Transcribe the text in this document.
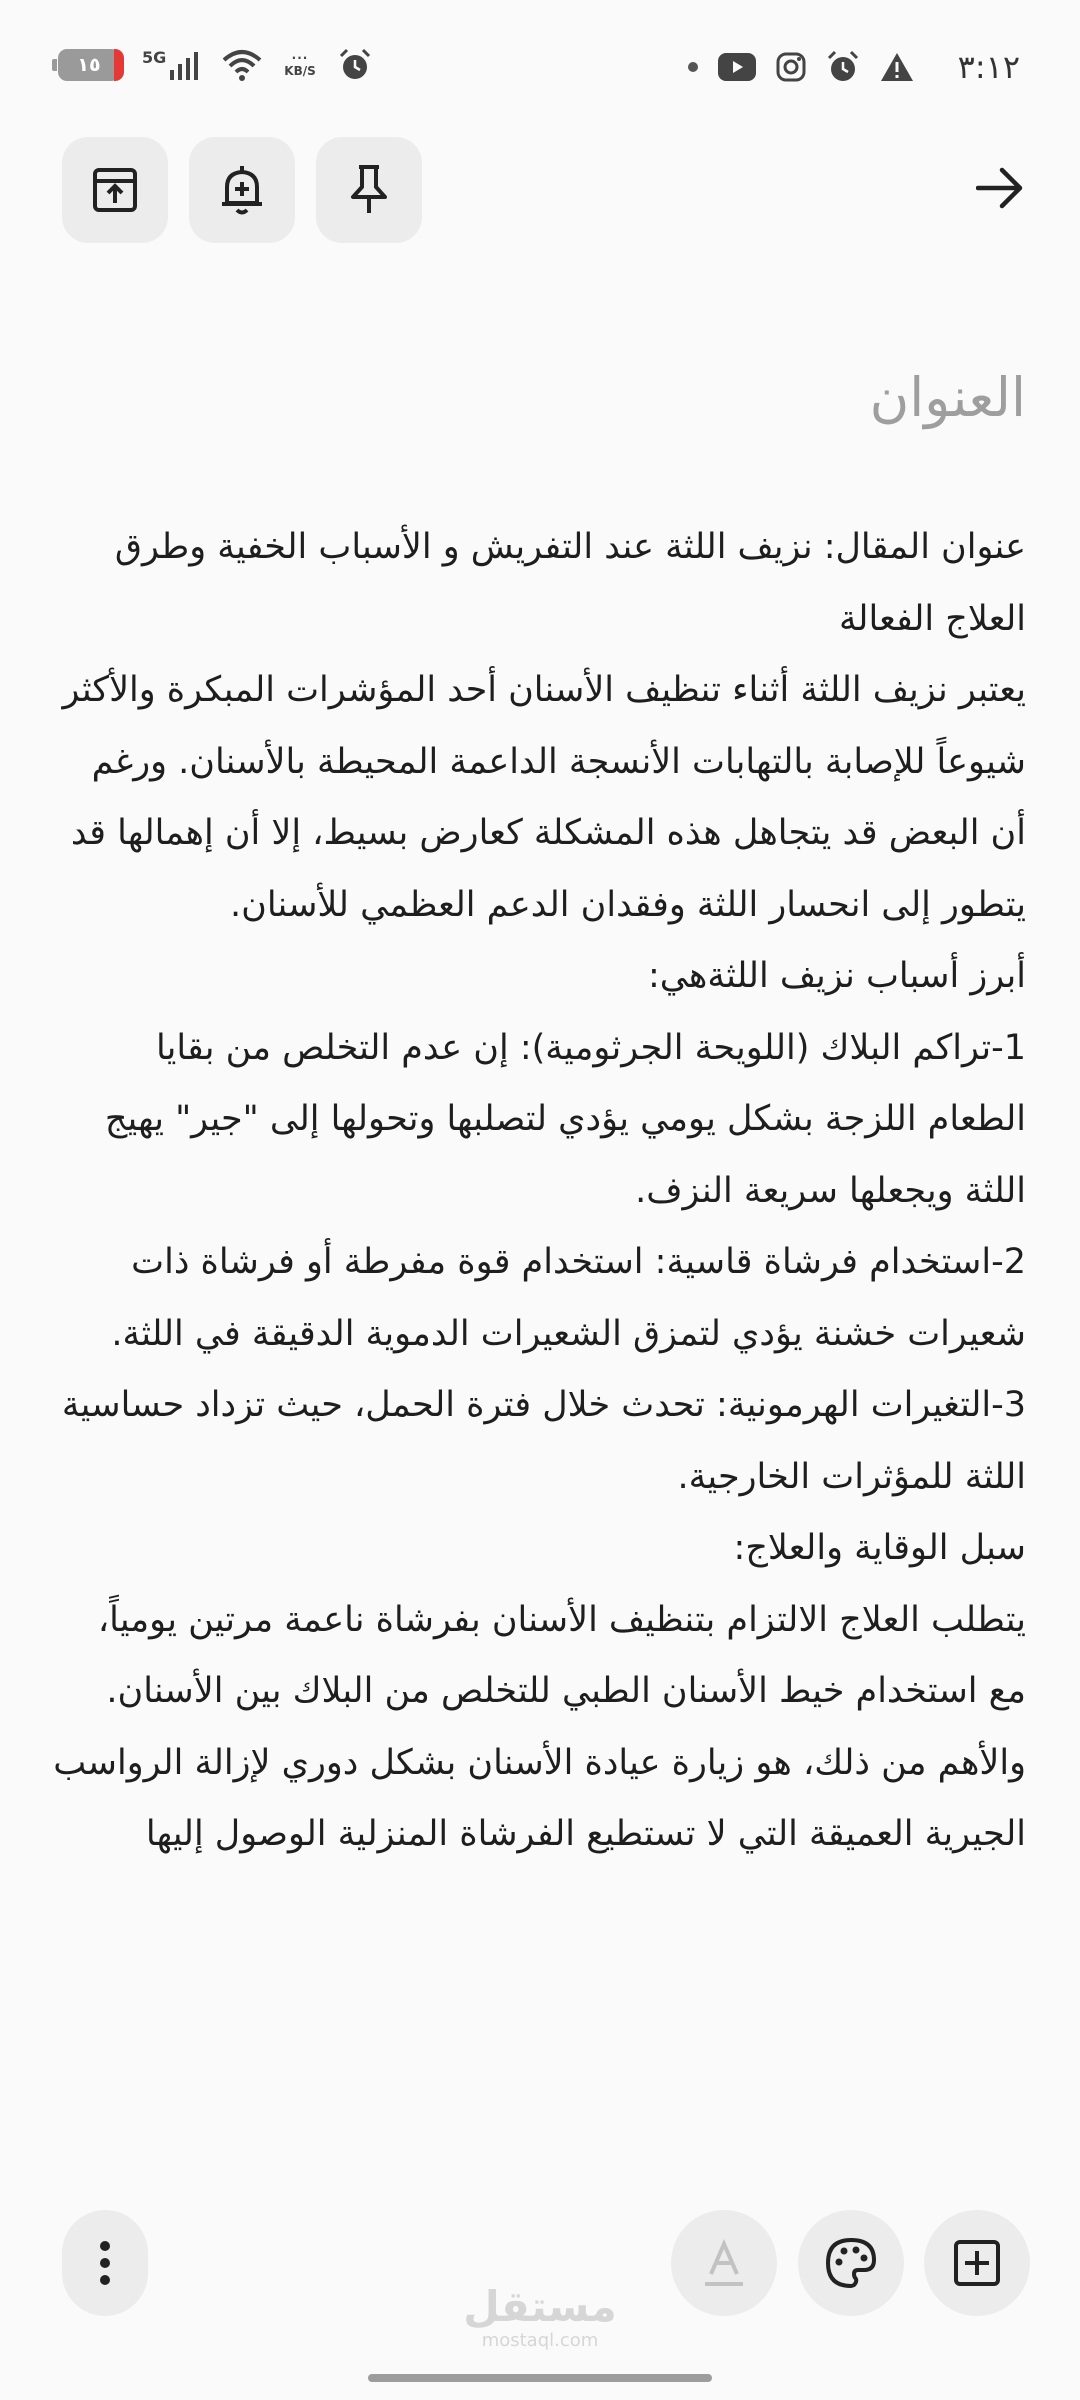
١٥	5G	···
KB/S	٣:١٢
العنوان

عنوان المقال: نزيف اللثة عند التفريش و الأسباب الخفية وطرق العلاج الفعالة

يعتبر نزيف اللثة أثناء تنظيف الأسنان أحد المؤشرات المبكرة والأكثر شيوعاً للإصابة بالتهابات الأنسجة الداعمة المحيطة بالأسنان. ورغم أن البعض قد يتجاهل هذه المشكلة كعارض بسيط، إلا أن إهمالها قد يتطور إلى انحسار اللثة وفقدان الدعم العظمي للأسنان.

أبرز أسباب نزيف اللثةهي:

1-تراكم البلاك (اللويحة الجرثومية): إن عدم التخلص من بقايا الطعام اللزجة بشكل يومي يؤدي لتصلبها وتحولها إلى "جير" يهيج اللثة ويجعلها سريعة النزف.

2-استخدام فرشاة قاسية: استخدام قوة مفرطة أو فرشاة ذات شعيرات خشنة يؤدي لتمزق الشعيرات الدموية الدقيقة في اللثة.

3-التغيرات الهرمونية: تحدث خلال فترة الحمل، حيث تزداد حساسية اللثة للمؤثرات الخارجية.

سبل الوقاية والعلاج:

يتطلب العلاج الالتزام بتنظيف الأسنان بفرشاة ناعمة مرتين يومياً، مع استخدام خيط الأسنان الطبي للتخلص من البلاك بين الأسنان. والأهم من ذلك، هو زيارة عيادة الأسنان بشكل دوري لإزالة الرواسب الجيرية العميقة التي لا تستطيع الفرشاة المنزلية الوصول إليها

مستقل
mostaql.com
